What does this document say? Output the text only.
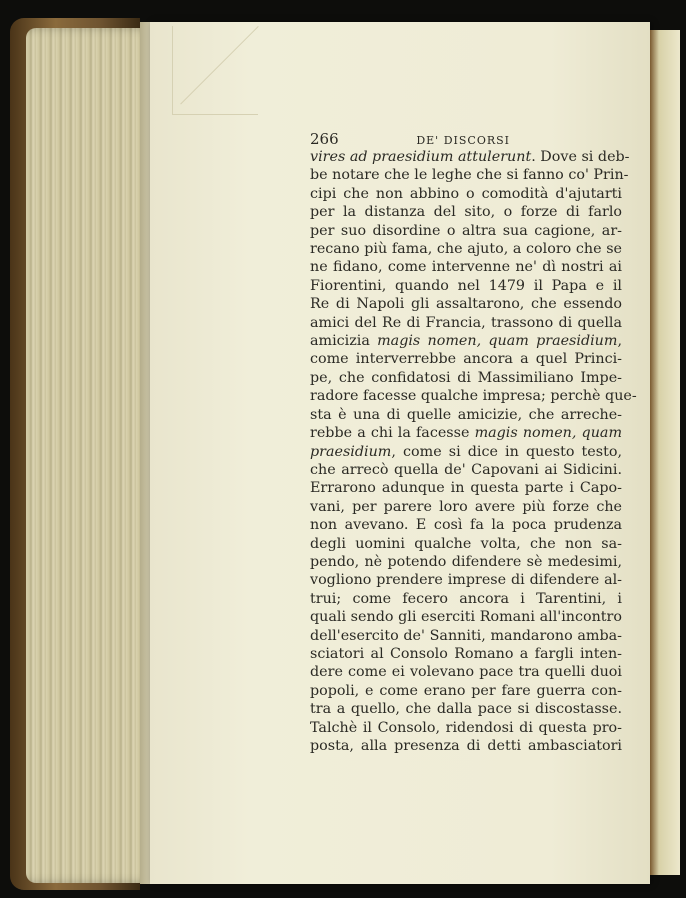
266	DE' DISCORSI
vires ad praesidium attulerunt. Dove si deb-
be notare che le leghe che si fanno co' Prin-
cipi che non abbino o comodità d'ajutarti
per la distanza del sito, o forze di farlo
per suo disordine o altra sua cagione, ar-
recano più fama, che ajuto, a coloro che se
ne fidano, come intervenne ne' dì nostri ai
Fiorentini, quando nel 1479 il Papa e il
Re di Napoli gli assaltarono, che essendo
amici del Re di Francia, trassono di quella
amicizia magis nomen, quam praesidium,
come interverrebbe ancora a quel Princi-
pe, che confidatosi di Massimiliano Impe-
radore facesse qualche impresa; perchè que-
sta è una di quelle amicizie, che arreche-
rebbe a chi la facesse magis nomen, quam
praesidium, come si dice in questo testo,
che arrecò quella de' Capovani ai Sidicini.
Errarono adunque in questa parte i Capo-
vani, per parere loro avere più forze che
non avevano. E così fa la poca prudenza
degli uomini qualche volta, che non sa-
pendo, nè potendo difendere sè medesimi,
vogliono prendere imprese di difendere al-
trui; come fecero ancora i Tarentini, i
quali sendo gli eserciti Romani all'incontro
dell'esercito de' Sanniti, mandarono amba-
sciatori al Consolo Romano a fargli inten-
dere come ei volevano pace tra quelli duoi
popoli, e come erano per fare guerra con-
tra a quello, che dalla pace si discostasse.
Talchè il Consolo, ridendosi di questa pro-
posta, alla presenza di detti ambasciatori
